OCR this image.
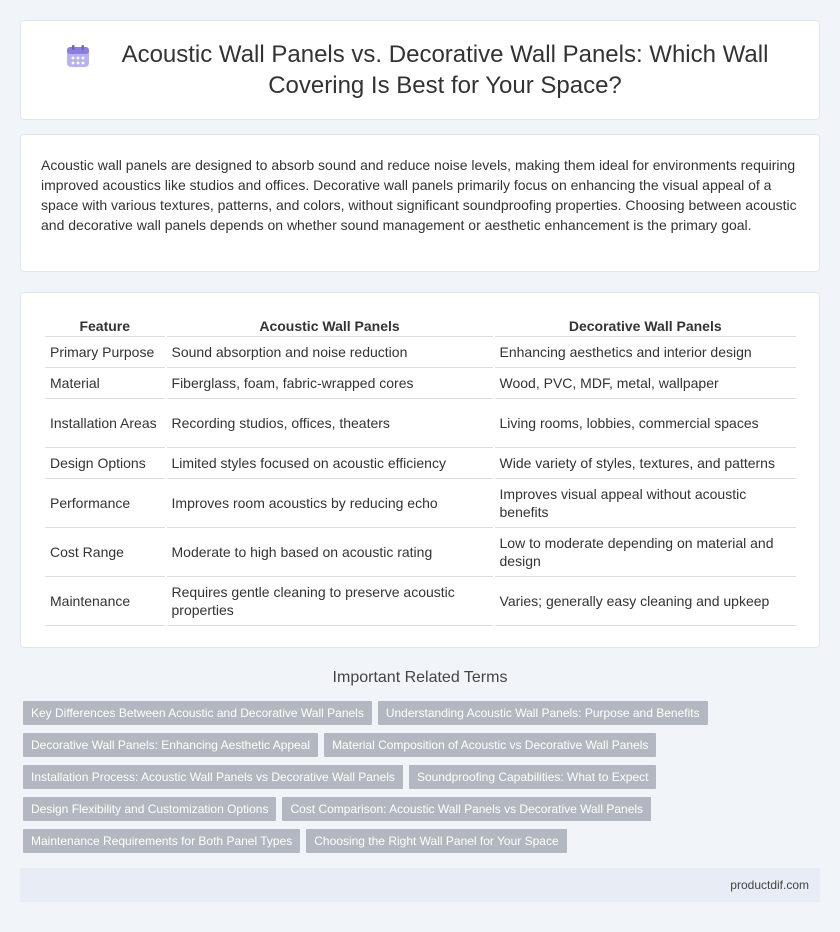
Acoustic Wall Panels vs. Decorative Wall Panels: Which Wall Covering Is Best for Your Space?

Acoustic wall panels are designed to absorb sound and reduce noise levels, making them ideal for environments requiring improved acoustics like studios and offices. Decorative wall panels primarily focus on enhancing the visual appeal of a space with various textures, patterns, and colors, without significant soundproofing properties. Choosing between acoustic and decorative wall panels depends on whether sound management or aesthetic enhancement is the primary goal.

Feature	Acoustic Wall Panels	Decorative Wall Panels
Primary Purpose	Sound absorption and noise reduction	Enhancing aesthetics and interior design
Material	Fiberglass, foam, fabric-wrapped cores	Wood, PVC, MDF, metal, wallpaper
Installation Areas	Recording studios, offices, theaters	Living rooms, lobbies, commercial spaces
Design Options	Limited styles focused on acoustic efficiency	Wide variety of styles, textures, and patterns
Performance	Improves room acoustics by reducing echo	Improves visual appeal without acoustic benefits
Cost Range	Moderate to high based on acoustic rating	Low to moderate depending on material and design
Maintenance	Requires gentle cleaning to preserve acoustic properties	Varies; generally easy cleaning and upkeep
Important Related Terms
Key Differences Between Acoustic and Decorative Wall Panels	Understanding Acoustic Wall Panels: Purpose and Benefits
Decorative Wall Panels: Enhancing Aesthetic Appeal	Material Composition of Acoustic vs Decorative Wall Panels
Installation Process: Acoustic Wall Panels vs Decorative Wall Panels	Soundproofing Capabilities: What to Expect
Design Flexibility and Customization Options	Cost Comparison: Acoustic Wall Panels vs Decorative Wall Panels
Maintenance Requirements for Both Panel Types	Choosing the Right Wall Panel for Your Space
productdif.com
